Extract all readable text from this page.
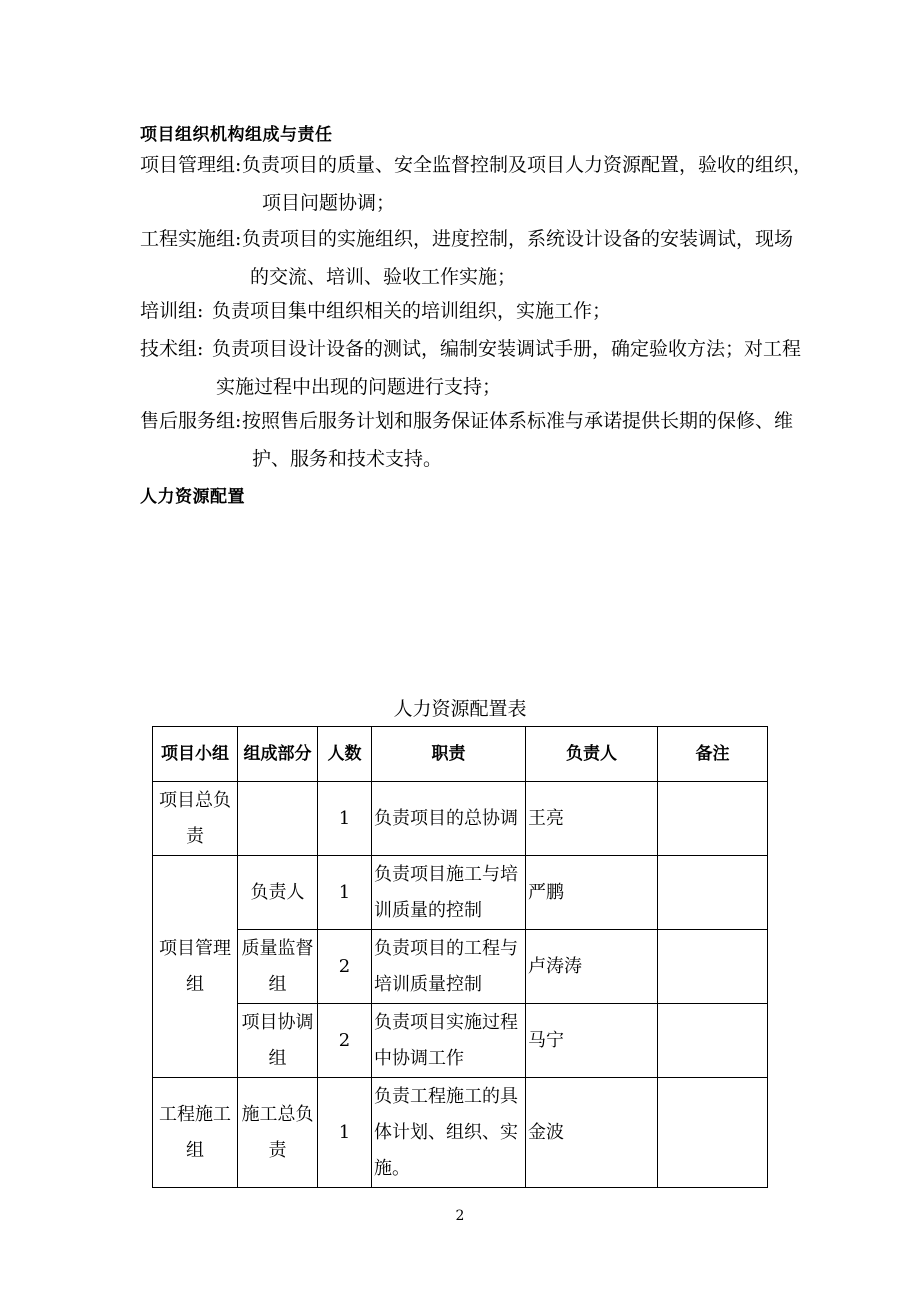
项目组织机构组成与责任
项目管理组: 负责项目的质量、安全监督控制及项目人力资源配置，验收的组织，
项目问题协调；
工程实施组: 负责项目的实施组织，进度控制，系统设计设备的安装调试，现场
的交流、培训、验收工作实施；
培训组: 负责项目集中组织相关的培训组织，实施工作；
技术组: 负责项目设计设备的测试，编制安装调试手册，确定验收方法；对工程
实施过程中出现的问题进行支持；
售后服务组: 按照售后服务计划和服务保证体系标准与承诺提供长期的保修、维
护、服务和技术支持。
人力资源配置
人力资源配置表
项目小组	组成部分	人数	职责	负责人	备注
项目总负责		1	负责项目的总协调	王亮	
项目管理组	负责人	1	负责项目施工与培训质量的控制	严鹏	
	质量监督组	2	负责项目的工程与培训质量控制	卢涛涛	
	项目协调组	2	负责项目实施过程中协调工作	马宁	
工程施工组	施工总负责	1	负责工程施工的具体计划、组织、实施。	金波	
2
